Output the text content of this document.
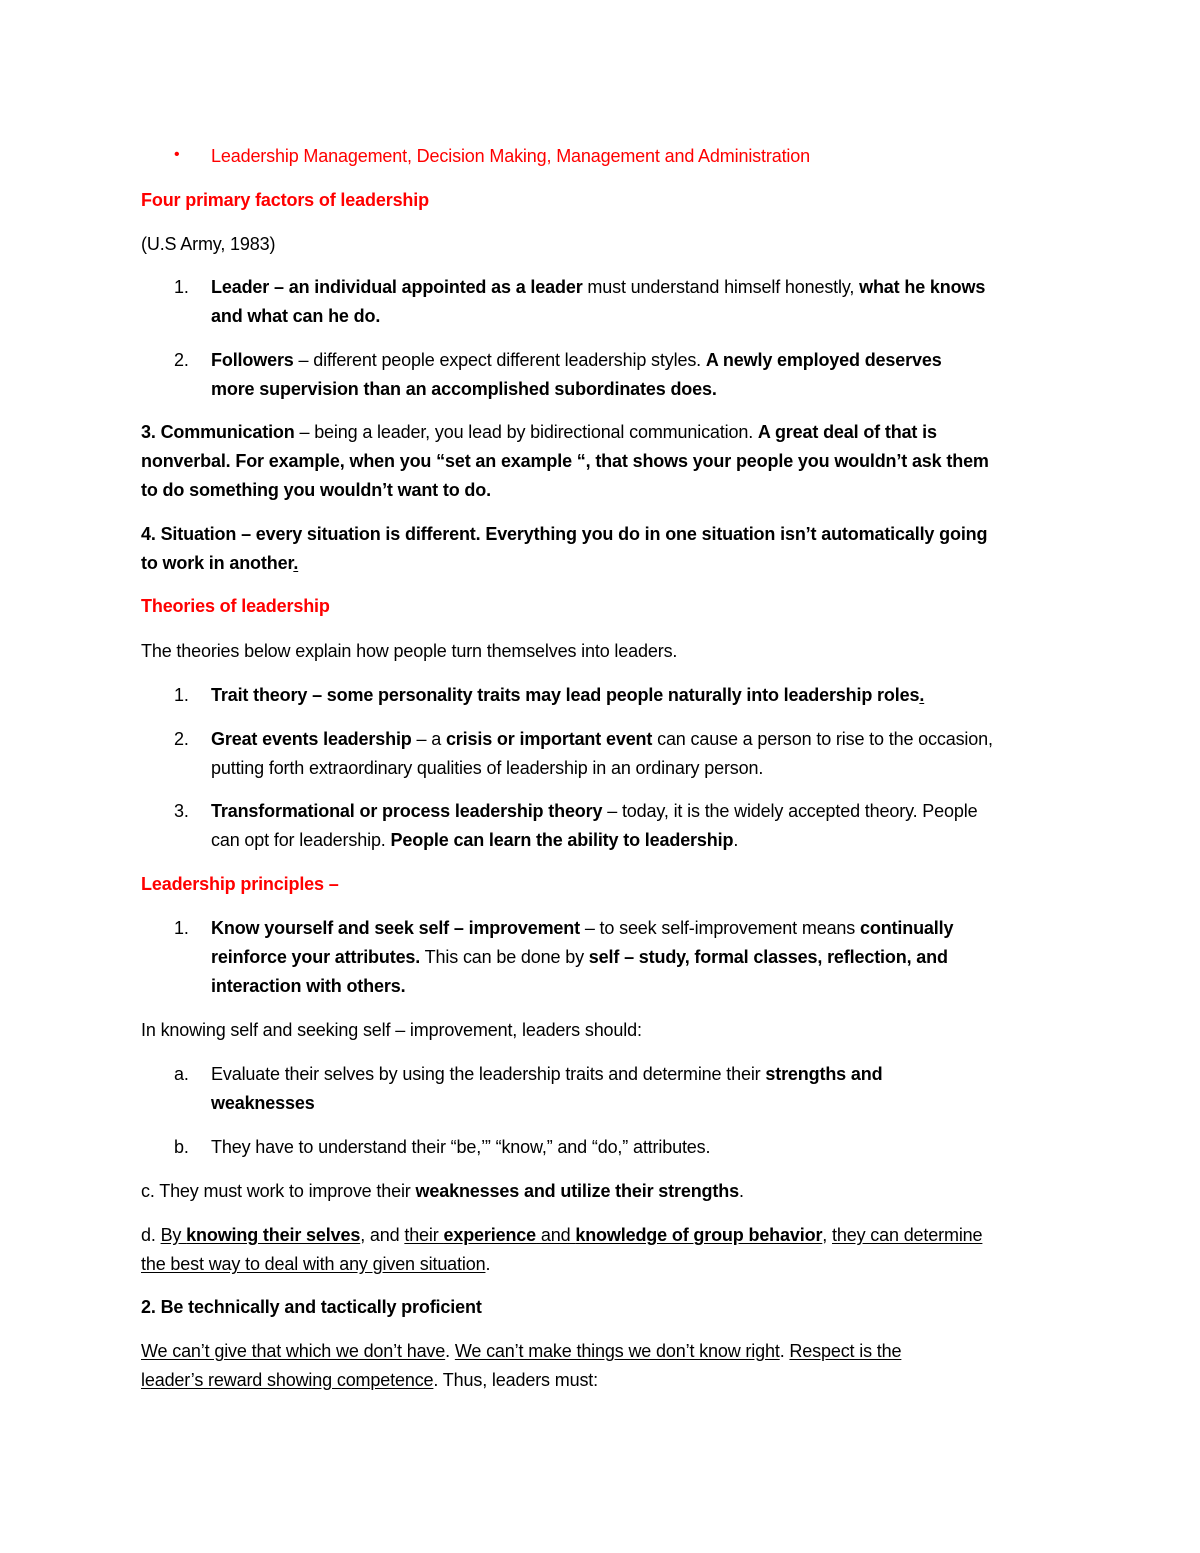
• Leadership Management, Decision Making, Management and Administration
Four primary factors of leadership
(U.S Army, 1983)
1. Leader – an individual appointed as a leader must understand himself honestly, what he knows
and what can he do.
2. Followers – different people expect different leadership styles. A newly employed deserves
more supervision than an accomplished subordinates does.
3. Communication – being a leader, you lead by bidirectional communication. A great deal of that is
nonverbal. For example, when you “set an example “, that shows your people you wouldn’t ask them
to do something you wouldn’t want to do.
4. Situation – every situation is different. Everything you do in one situation isn’t automatically going
to work in another.
Theories of leadership
The theories below explain how people turn themselves into leaders.
1. Trait theory – some personality traits may lead people naturally into leadership roles.
2. Great events leadership – a crisis or important event can cause a person to rise to the occasion,
putting forth extraordinary qualities of leadership in an ordinary person.
3. Transformational or process leadership theory – today, it is the widely accepted theory. People
can opt for leadership. People can learn the ability to leadership.
Leadership principles –
1. Know yourself and seek self – improvement – to seek self-improvement means continually
reinforce your attributes. This can be done by self – study, formal classes, reflection, and
interaction with others.
In knowing self and seeking self – improvement, leaders should:
a. Evaluate their selves by using the leadership traits and determine their strengths and
weaknesses
b. They have to understand their “be,’” “know,” and “do,” attributes.
c. They must work to improve their weaknesses and utilize their strengths.
d. By knowing their selves, and their experience and knowledge of group behavior, they can determine
the best way to deal with any given situation.
2. Be technically and tactically proficient
We can’t give that which we don’t have. We can’t make things we don’t know right. Respect is the
leader’s reward showing competence. Thus, leaders must:
